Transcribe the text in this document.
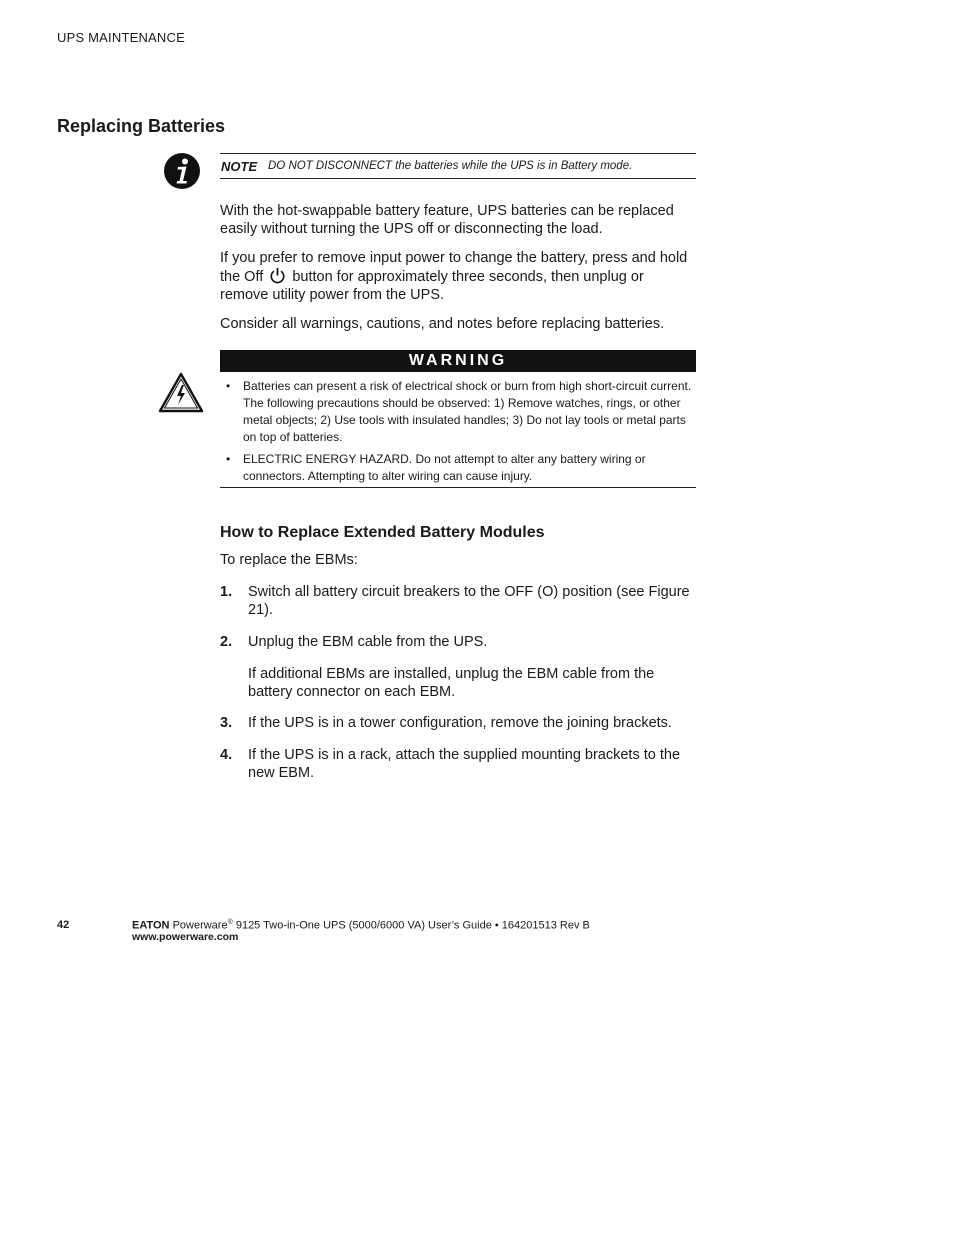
UPS MAINTENANCE
Replacing Batteries
NOTE DO NOT DISCONNECT the batteries while the UPS is in Battery mode.
With the hot-swappable battery feature, UPS batteries can be replaced easily without turning the UPS off or disconnecting the load.
If you prefer to remove input power to change the battery, press and hold the Off button for approximately three seconds, then unplug or remove utility power from the UPS.
Consider all warnings, cautions, and notes before replacing batteries.
WARNING
• Batteries can present a risk of electrical shock or burn from high short-circuit current. The following precautions should be observed: 1) Remove watches, rings, or other metal objects; 2) Use tools with insulated handles; 3) Do not lay tools or metal parts on top of batteries.
• ELECTRIC ENERGY HAZARD. Do not attempt to alter any battery wiring or connectors. Attempting to alter wiring can cause injury.
How to Replace Extended Battery Modules
To replace the EBMs:
1. Switch all battery circuit breakers to the OFF (O) position (see Figure 21).
2. Unplug the EBM cable from the UPS.
If additional EBMs are installed, unplug the EBM cable from the battery connector on each EBM.
3. If the UPS is in a tower configuration, remove the joining brackets.
4. If the UPS is in a rack, attach the supplied mounting brackets to the new EBM.
42	EATON Powerware® 9125 Two-in-One UPS (5000/6000 VA) User’s Guide • 164201513 Rev B
www.powerware.com
